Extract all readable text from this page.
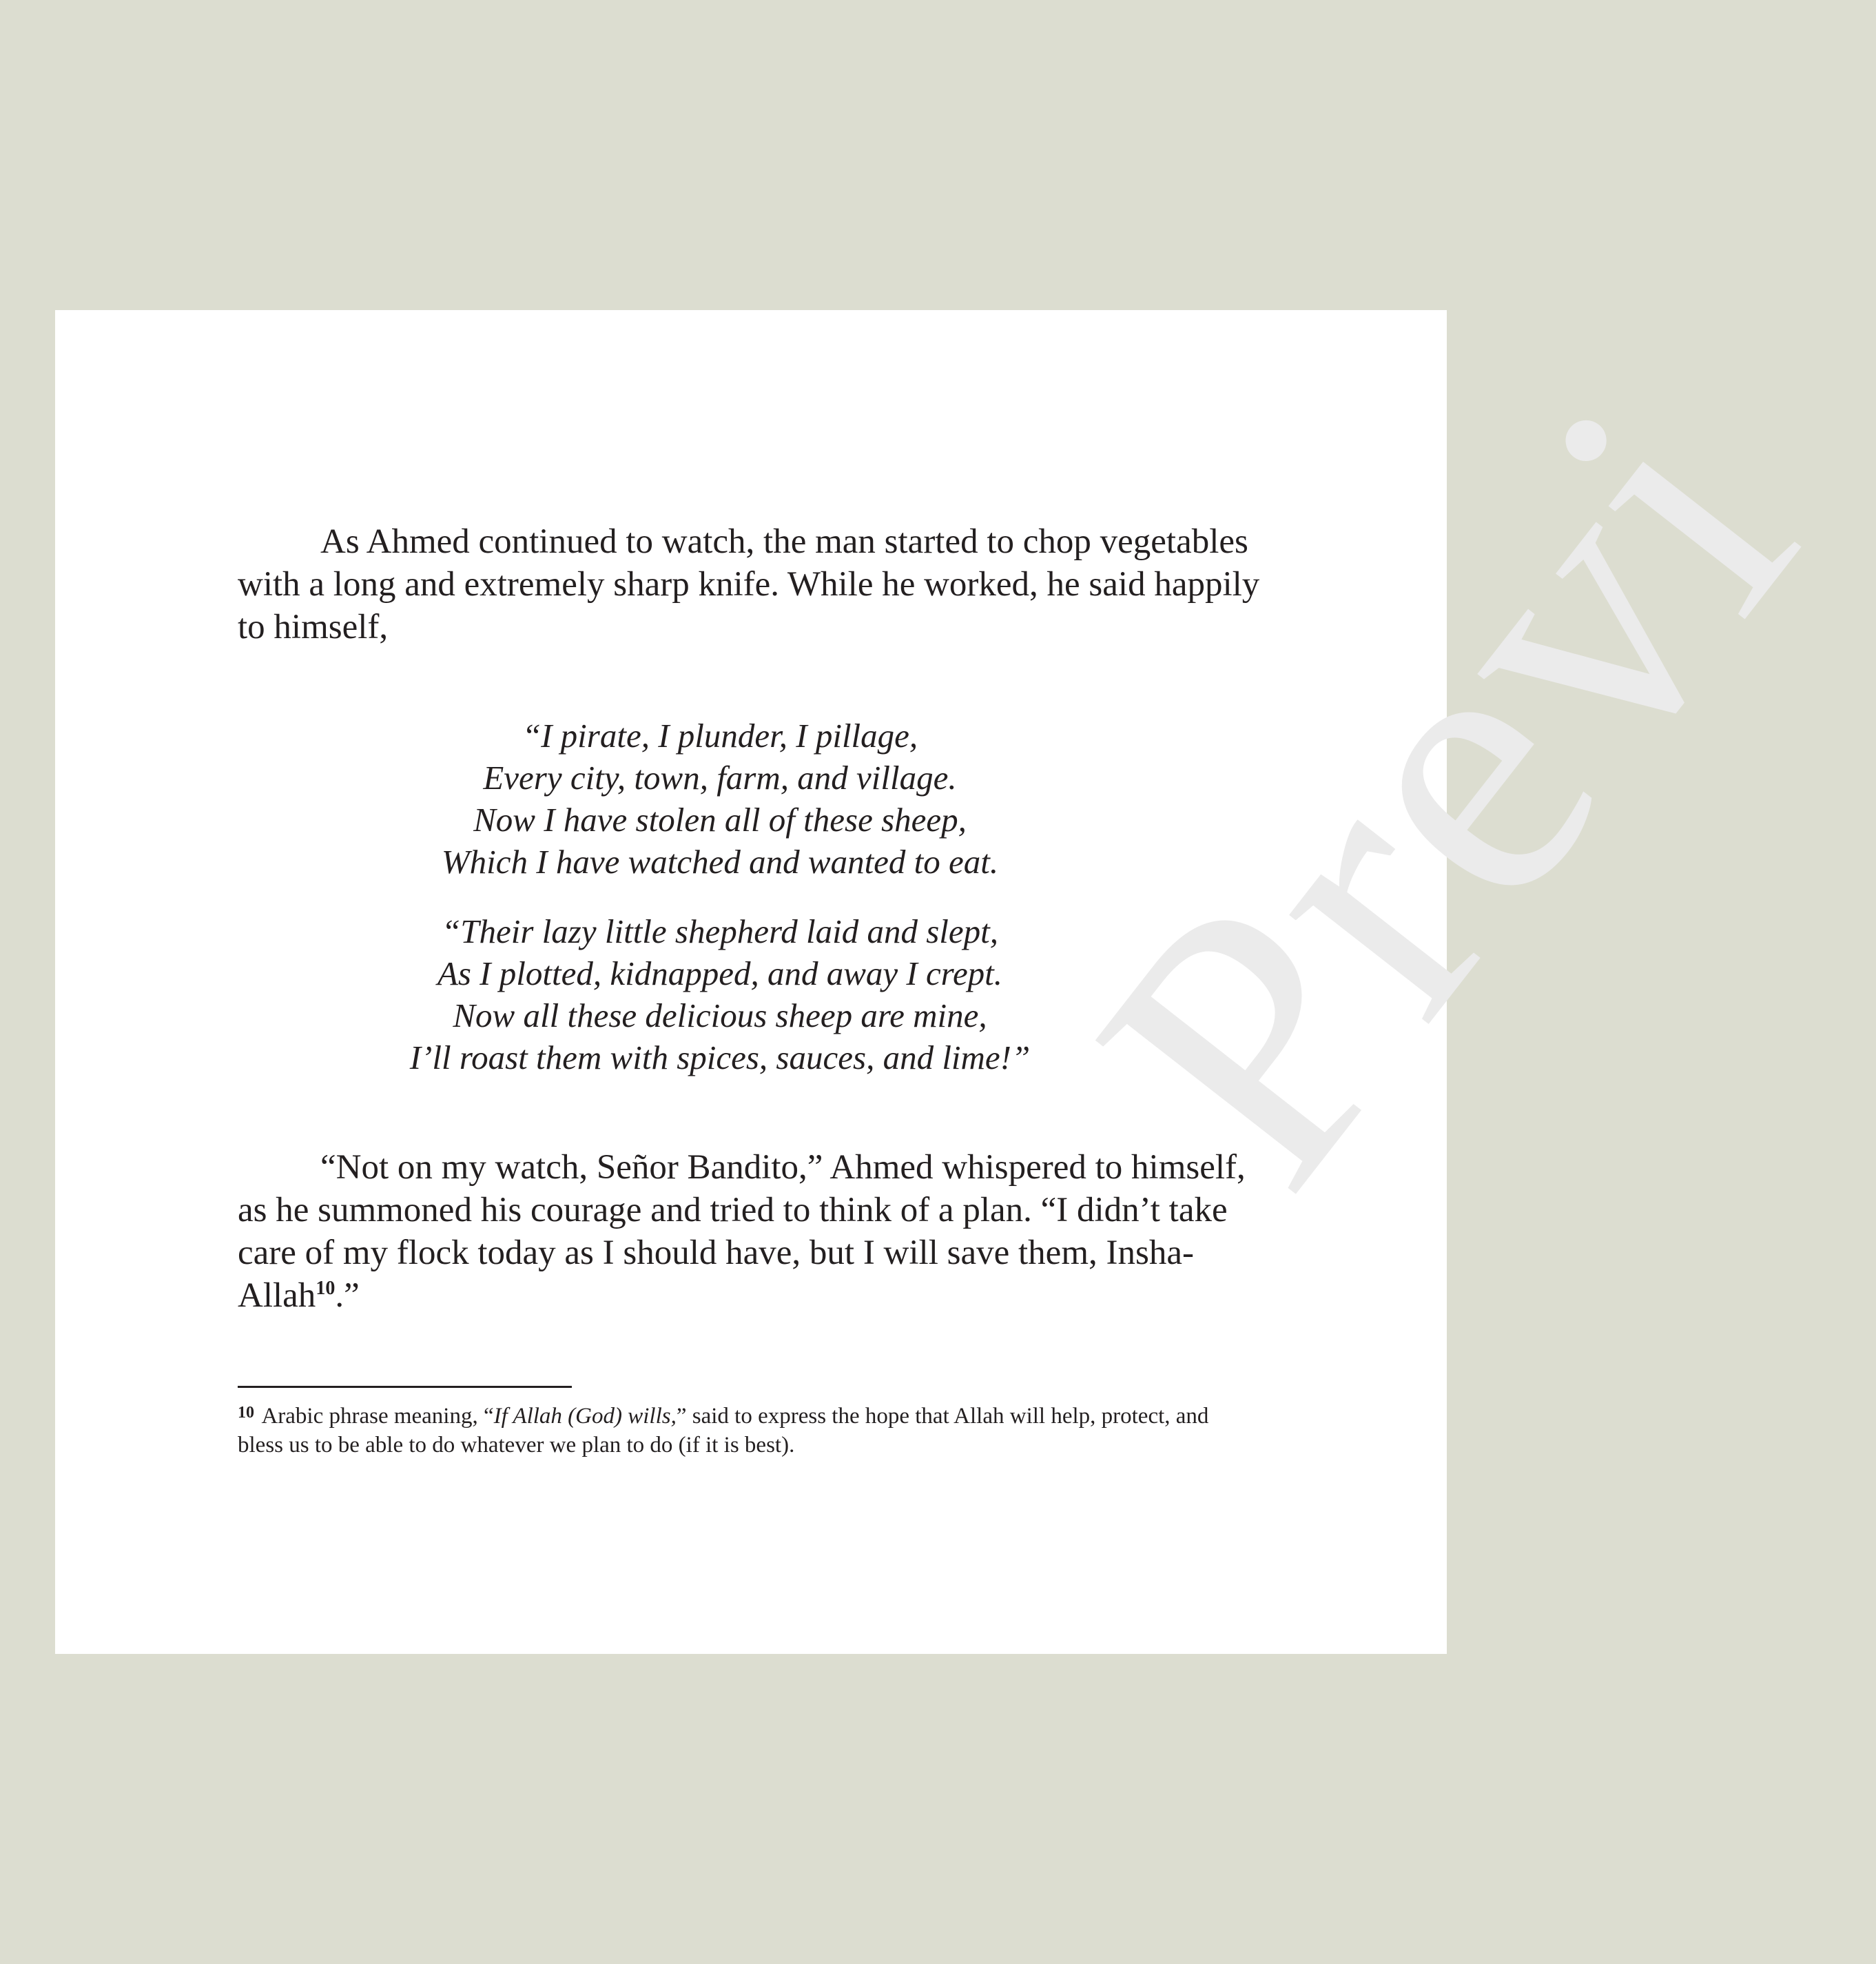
Previ

As Ahmed continued to watch, the man started to chop vegetables with a long and extremely sharp knife. While he worked, he said happily to himself,

“I pirate, I plunder, I pillage,
Every city, town, farm, and village.
Now I have stolen all of these sheep,
Which I have watched and wanted to eat.

“Their lazy little shepherd laid and slept,
As I plotted, kidnapped, and away I crept.
Now all these delicious sheep are mine,
I’ll roast them with spices, sauces, and lime!”

“Not on my watch, Señor Bandito,” Ahmed whispered to himself, as he summoned his courage and tried to think of a plan. “I didn’t take care of my flock today as I should have, but I will save them, Insha-Allah$^{10}$.”

$^{10}$ Arabic phrase meaning, “If Allah (God) wills,” said to express the hope that Allah will help, protect, and bless us to be able to do whatever we plan to do (if it is best).
